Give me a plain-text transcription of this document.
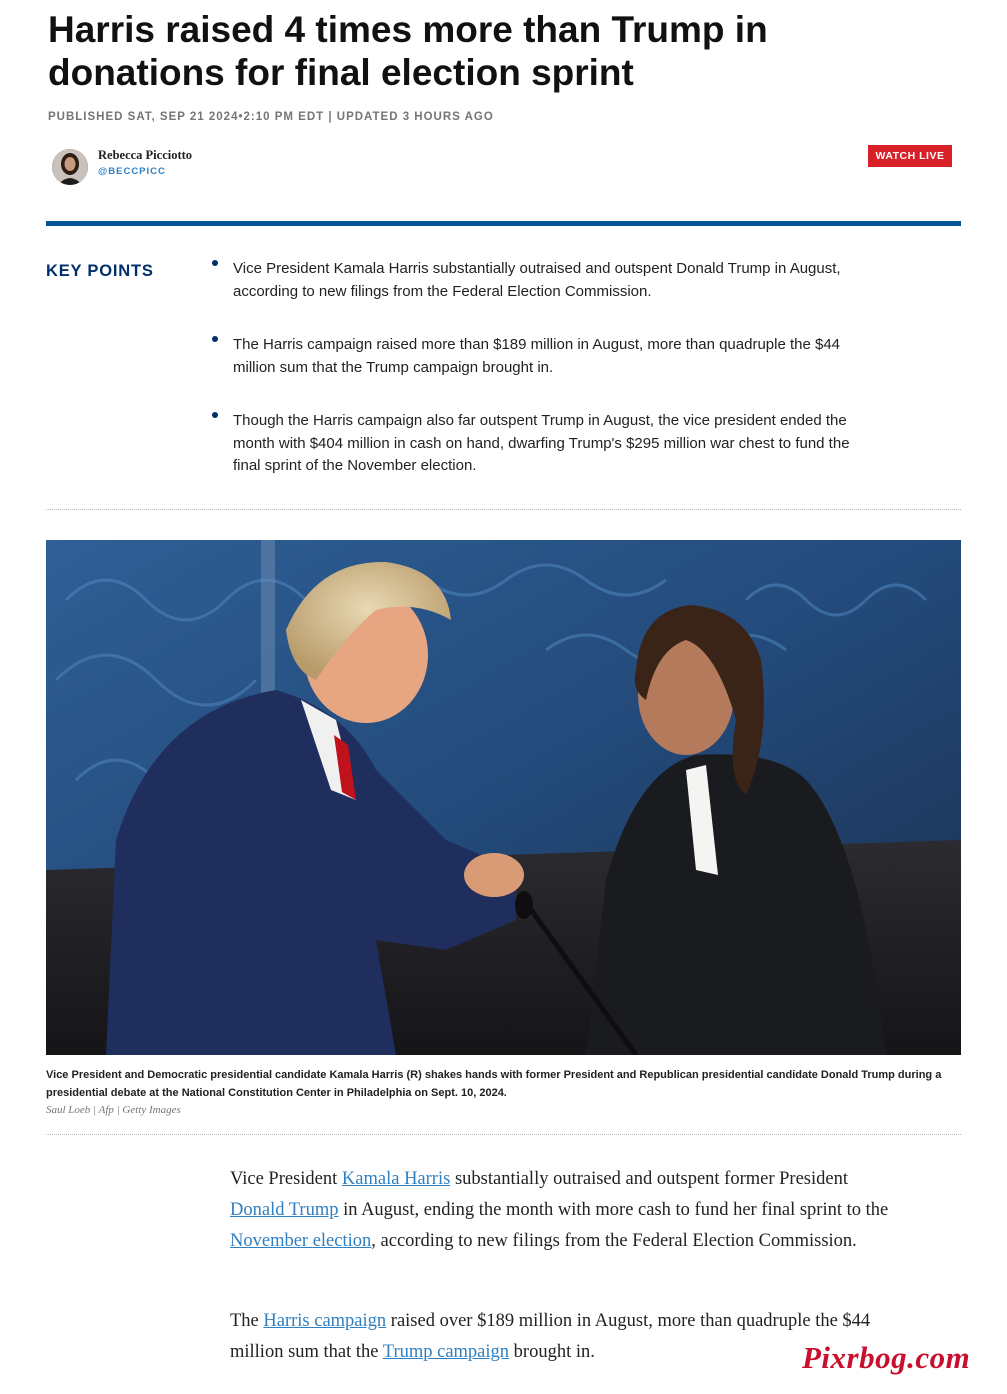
Harris raised 4 times more than Trump in donations for final election sprint
PUBLISHED SAT, SEP 21 2024•2:10 PM EDT | UPDATED 3 HOURS AGO
Rebecca Picciotto
@BECCPICC
WATCH LIVE
KEY POINTS	Vice President Kamala Harris substantially outraised and outspent Donald Trump in August, according to new filings from the Federal Election Commission.
The Harris campaign raised more than $189 million in August, more than quadruple the $44 million sum that the Trump campaign brought in.
Though the Harris campaign also far outspent Trump in August, the vice president ended the month with $404 million in cash on hand, dwarfing Trump's $295 million war chest to fund the final sprint of the November election.

Vice President and Democratic presidential candidate Kamala Harris (R) shakes hands with former President and Republican presidential candidate Donald Trump during a presidential debate at the National Constitution Center in Philadelphia on Sept. 10, 2024.

Saul Loeb | Afp | Getty Images

Vice President Kamala Harris substantially outraised and outspent former President Donald Trump in August, ending the month with more cash to fund her final sprint to the November election, according to new filings from the Federal Election Commission.

The Harris campaign raised over $189 million in August, more than quadruple the $44 million sum that the Trump campaign brought in.	Pixrbog.com
